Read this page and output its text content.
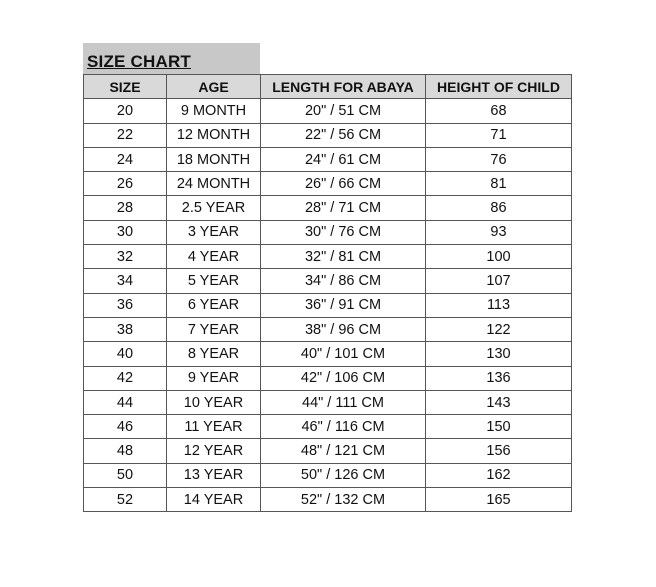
SIZE CHART
SIZE	AGE	LENGTH FOR ABAYA	HEIGHT OF CHILD
20	9 MONTH	20" / 51 CM	68
22	12 MONTH	22" / 56 CM	71
24	18 MONTH	24" / 61 CM	76
26	24 MONTH	26" / 66 CM	81
28	2.5 YEAR	28" / 71 CM	86
30	3 YEAR	30" / 76 CM	93
32	4 YEAR	32" / 81 CM	100
34	5 YEAR	34" / 86 CM	107
36	6 YEAR	36" / 91 CM	113
38	7 YEAR	38" / 96 CM	122
40	8 YEAR	40" / 101 CM	130
42	9 YEAR	42" / 106 CM	136
44	10 YEAR	44" / 111 CM	143
46	11 YEAR	46" / 116 CM	150
48	12 YEAR	48" / 121 CM	156
50	13 YEAR	50" / 126 CM	162
52	14 YEAR	52" / 132 CM	165
